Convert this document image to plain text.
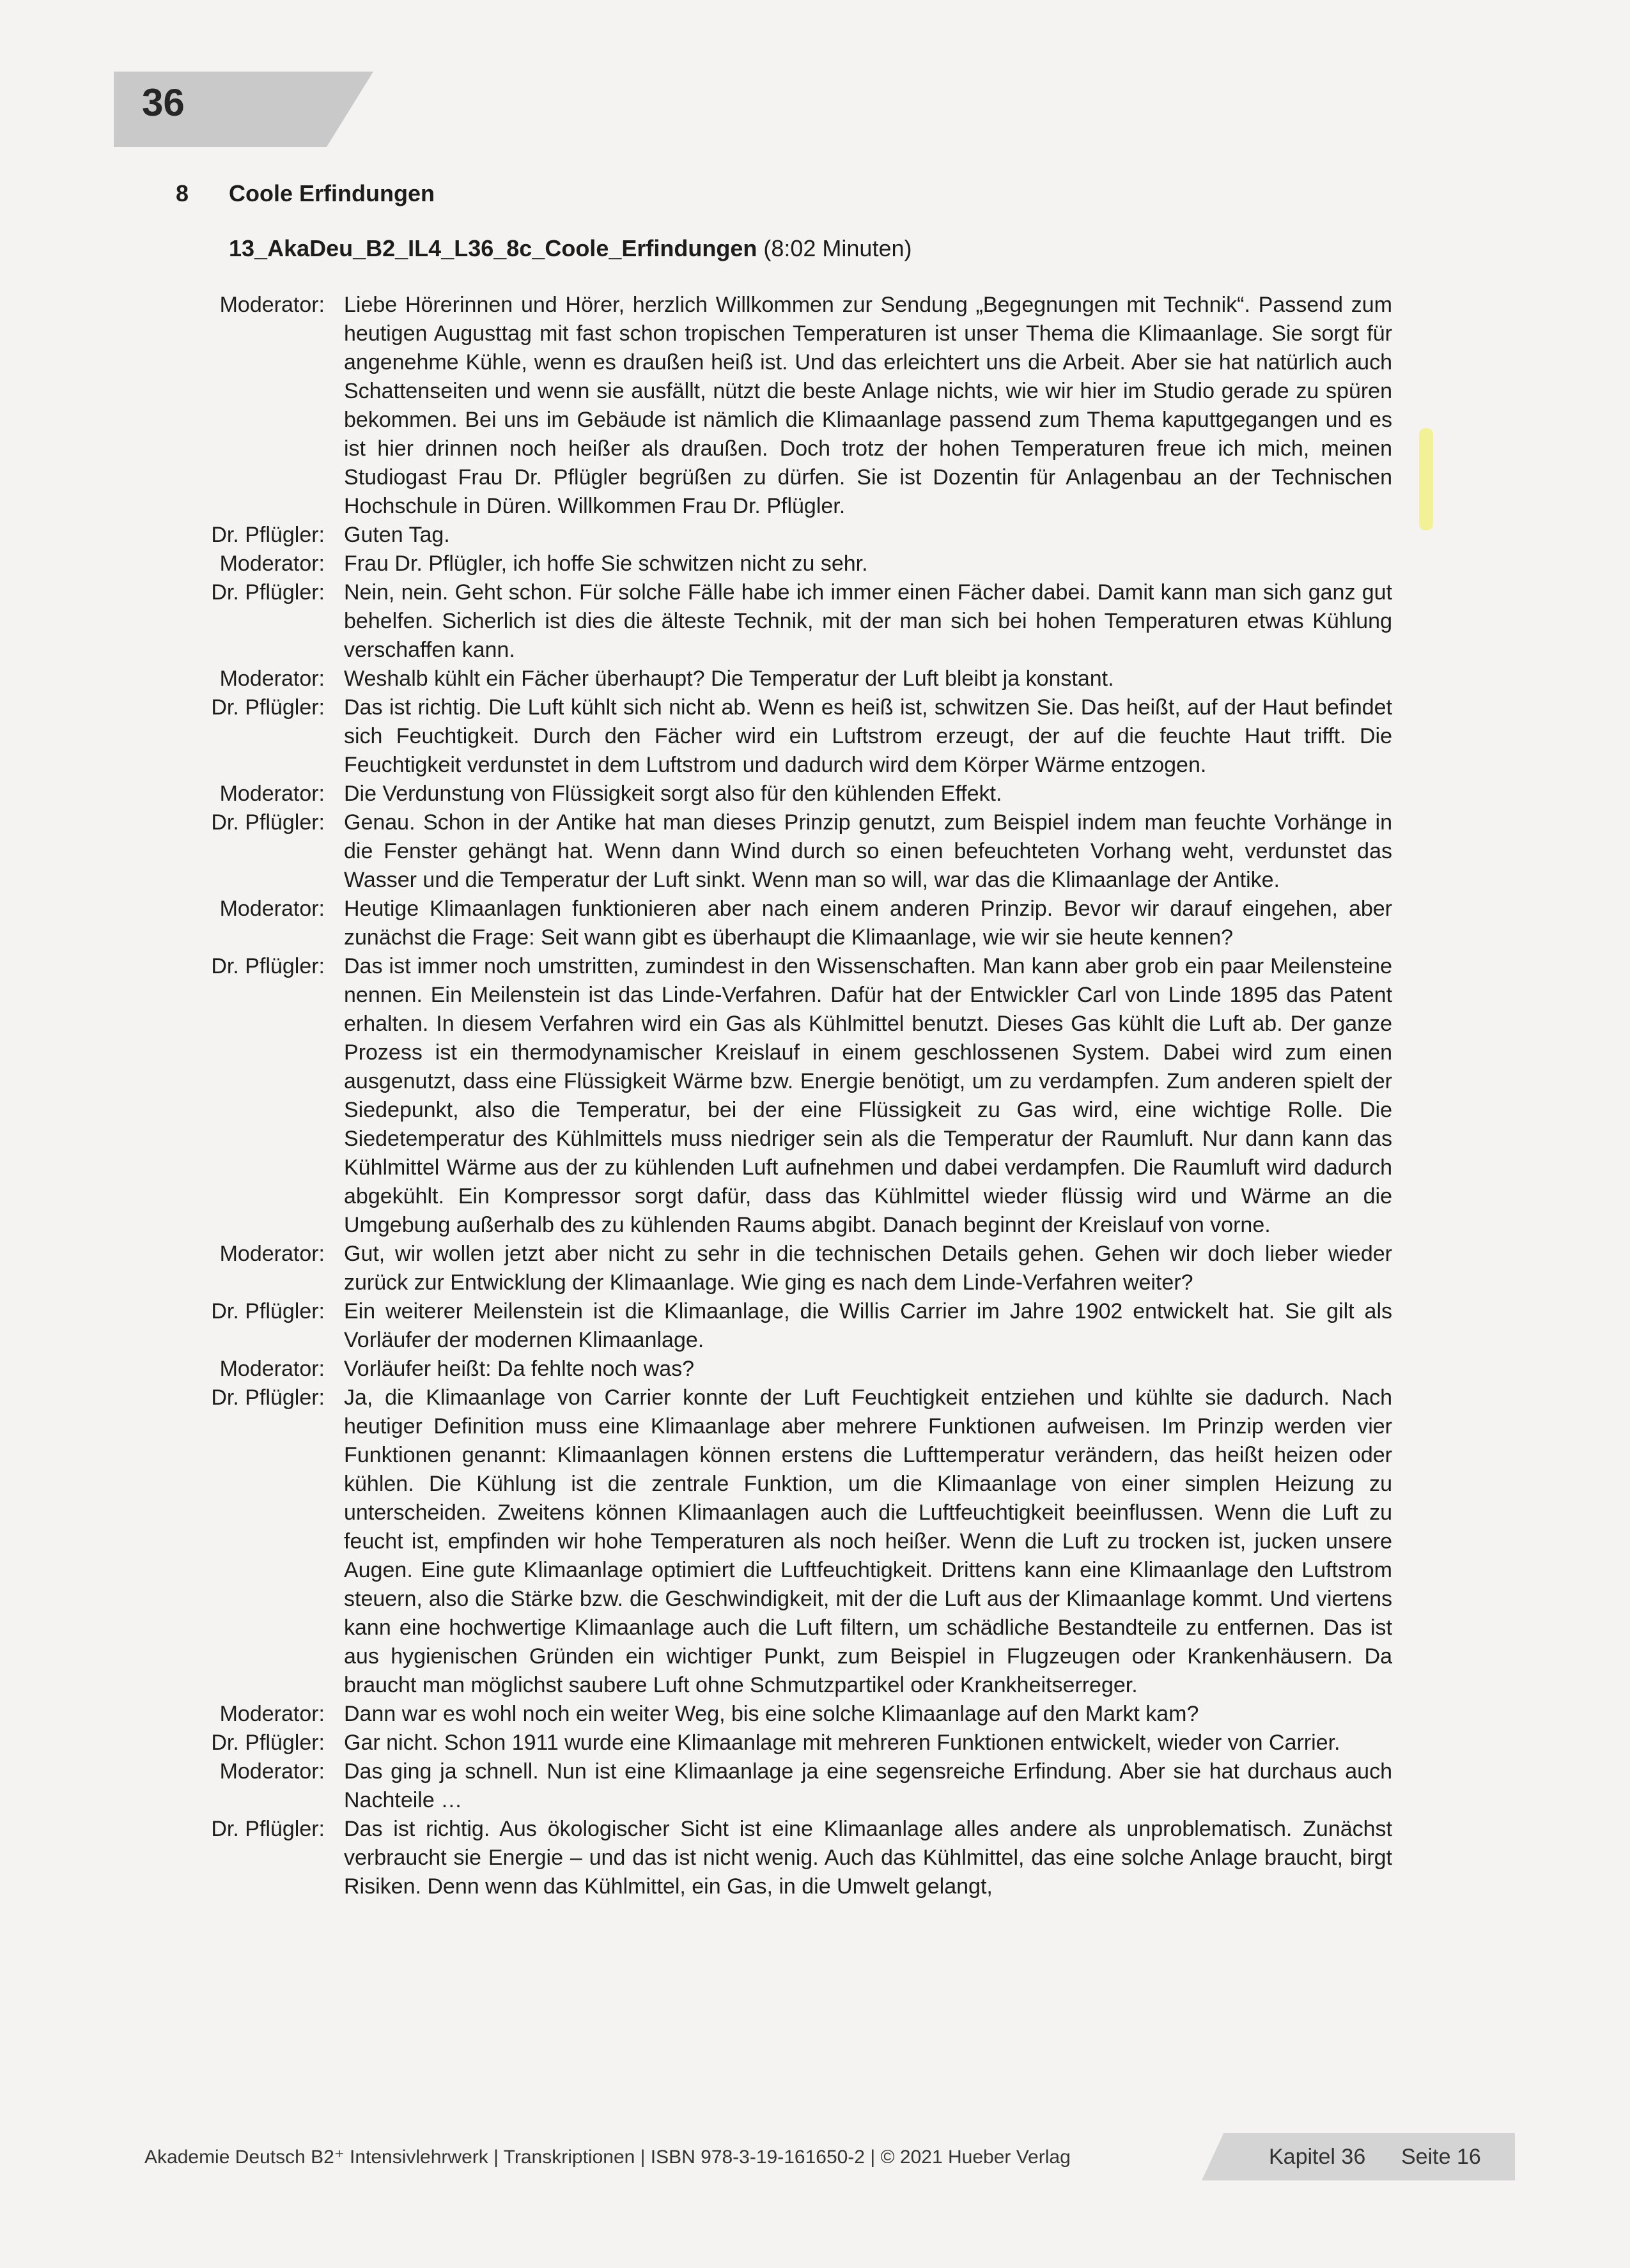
36
8 Coole Erfindungen
13_AkaDeu_B2_IL4_L36_8c_Coole_Erfindungen (8:02 Minuten)
Moderator: Liebe Hörerinnen und Hörer, herzlich Willkommen zur Sendung „Begegnungen mit Technik“. Passend zum heutigen Augusttag mit fast schon tropischen Temperaturen ist unser Thema die Klimaanlage. Sie sorgt für angenehme Kühle, wenn es draußen heiß ist. Und das erleichtert uns die Arbeit. Aber sie hat natürlich auch Schattenseiten und wenn sie ausfällt, nützt die beste Anlage nichts, wie wir hier im Studio gerade zu spüren bekommen. Bei uns im Gebäude ist nämlich die Klimaanlage passend zum Thema kaputtgegangen und es ist hier drinnen noch heißer als draußen. Doch trotz der hohen Temperaturen freue ich mich, meinen Studiogast Frau Dr. Pflügler begrüßen zu dürfen. Sie ist Dozentin für Anlagenbau an der Technischen Hochschule in Düren. Willkommen Frau Dr. Pflügler.
Dr. Pflügler: Guten Tag.
Moderator: Frau Dr. Pflügler, ich hoffe Sie schwitzen nicht zu sehr.
Dr. Pflügler: Nein, nein. Geht schon. Für solche Fälle habe ich immer einen Fächer dabei. Damit kann man sich ganz gut behelfen. Sicherlich ist dies die älteste Technik, mit der man sich bei hohen Temperaturen etwas Kühlung verschaffen kann.
Moderator: Weshalb kühlt ein Fächer überhaupt? Die Temperatur der Luft bleibt ja konstant.
Dr. Pflügler: Das ist richtig. Die Luft kühlt sich nicht ab. Wenn es heiß ist, schwitzen Sie. Das heißt, auf der Haut befindet sich Feuchtigkeit. Durch den Fächer wird ein Luftstrom erzeugt, der auf die feuchte Haut trifft. Die Feuchtigkeit verdunstet in dem Luftstrom und dadurch wird dem Körper Wärme entzogen.
Moderator: Die Verdunstung von Flüssigkeit sorgt also für den kühlenden Effekt.
Dr. Pflügler: Genau. Schon in der Antike hat man dieses Prinzip genutzt, zum Beispiel indem man feuchte Vorhänge in die Fenster gehängt hat. Wenn dann Wind durch so einen befeuchteten Vorhang weht, verdunstet das Wasser und die Temperatur der Luft sinkt. Wenn man so will, war das die Klimaanlage der Antike.
Moderator: Heutige Klimaanlagen funktionieren aber nach einem anderen Prinzip. Bevor wir darauf eingehen, aber zunächst die Frage: Seit wann gibt es überhaupt die Klimaanlage, wie wir sie heute kennen?
Dr. Pflügler: Das ist immer noch umstritten, zumindest in den Wissenschaften. Man kann aber grob ein paar Meilensteine nennen. Ein Meilenstein ist das Linde-Verfahren. Dafür hat der Entwickler Carl von Linde 1895 das Patent erhalten. In diesem Verfahren wird ein Gas als Kühlmittel benutzt. Dieses Gas kühlt die Luft ab. Der ganze Prozess ist ein thermodynamischer Kreislauf in einem geschlossenen System. Dabei wird zum einen ausgenutzt, dass eine Flüssigkeit Wärme bzw. Energie benötigt, um zu verdampfen. Zum anderen spielt der Siedepunkt, also die Temperatur, bei der eine Flüssigkeit zu Gas wird, eine wichtige Rolle. Die Siedetemperatur des Kühlmittels muss niedriger sein als die Temperatur der Raumluft. Nur dann kann das Kühlmittel Wärme aus der zu kühlenden Luft aufnehmen und dabei verdampfen. Die Raumluft wird dadurch abgekühlt. Ein Kompressor sorgt dafür, dass das Kühlmittel wieder flüssig wird und Wärme an die Umgebung außerhalb des zu kühlenden Raums abgibt. Danach beginnt der Kreislauf von vorne.
Moderator: Gut, wir wollen jetzt aber nicht zu sehr in die technischen Details gehen. Gehen wir doch lieber wieder zurück zur Entwicklung der Klimaanlage. Wie ging es nach dem Linde-Verfahren weiter?
Dr. Pflügler: Ein weiterer Meilenstein ist die Klimaanlage, die Willis Carrier im Jahre 1902 entwickelt hat. Sie gilt als Vorläufer der modernen Klimaanlage.
Moderator: Vorläufer heißt: Da fehlte noch was?
Dr. Pflügler: Ja, die Klimaanlage von Carrier konnte der Luft Feuchtigkeit entziehen und kühlte sie dadurch. Nach heutiger Definition muss eine Klimaanlage aber mehrere Funktionen aufweisen. Im Prinzip werden vier Funktionen genannt: Klimaanlagen können erstens die Lufttemperatur verändern, das heißt heizen oder kühlen. Die Kühlung ist die zentrale Funktion, um die Klimaanlage von einer simplen Heizung zu unterscheiden. Zweitens können Klimaanlagen auch die Luftfeuchtigkeit beeinflussen. Wenn die Luft zu feucht ist, empfinden wir hohe Temperaturen als noch heißer. Wenn die Luft zu trocken ist, jucken unsere Augen. Eine gute Klimaanlage optimiert die Luftfeuchtigkeit. Drittens kann eine Klimaanlage den Luftstrom steuern, also die Stärke bzw. die Geschwindigkeit, mit der die Luft aus der Klimaanlage kommt. Und viertens kann eine hochwertige Klimaanlage auch die Luft filtern, um schädliche Bestandteile zu entfernen. Das ist aus hygienischen Gründen ein wichtiger Punkt, zum Beispiel in Flugzeugen oder Krankenhäusern. Da braucht man möglichst saubere Luft ohne Schmutzpartikel oder Krankheitserreger.
Moderator: Dann war es wohl noch ein weiter Weg, bis eine solche Klimaanlage auf den Markt kam?
Dr. Pflügler: Gar nicht. Schon 1911 wurde eine Klimaanlage mit mehreren Funktionen entwickelt, wieder von Carrier.
Moderator: Das ging ja schnell. Nun ist eine Klimaanlage ja eine segensreiche Erfindung. Aber sie hat durchaus auch Nachteile …
Dr. Pflügler: Das ist richtig. Aus ökologischer Sicht ist eine Klimaanlage alles andere als unproblematisch. Zunächst verbraucht sie Energie – und das ist nicht wenig. Auch das Kühlmittel, das eine solche Anlage braucht, birgt Risiken. Denn wenn das Kühlmittel, ein Gas, in die Umwelt gelangt,
Akademie Deutsch B2⁺ Intensivlehrwerk | Transkriptionen | ISBN 978-3-19-161650-2 | © 2021 Hueber Verlag	Kapitel 36 Seite 16
